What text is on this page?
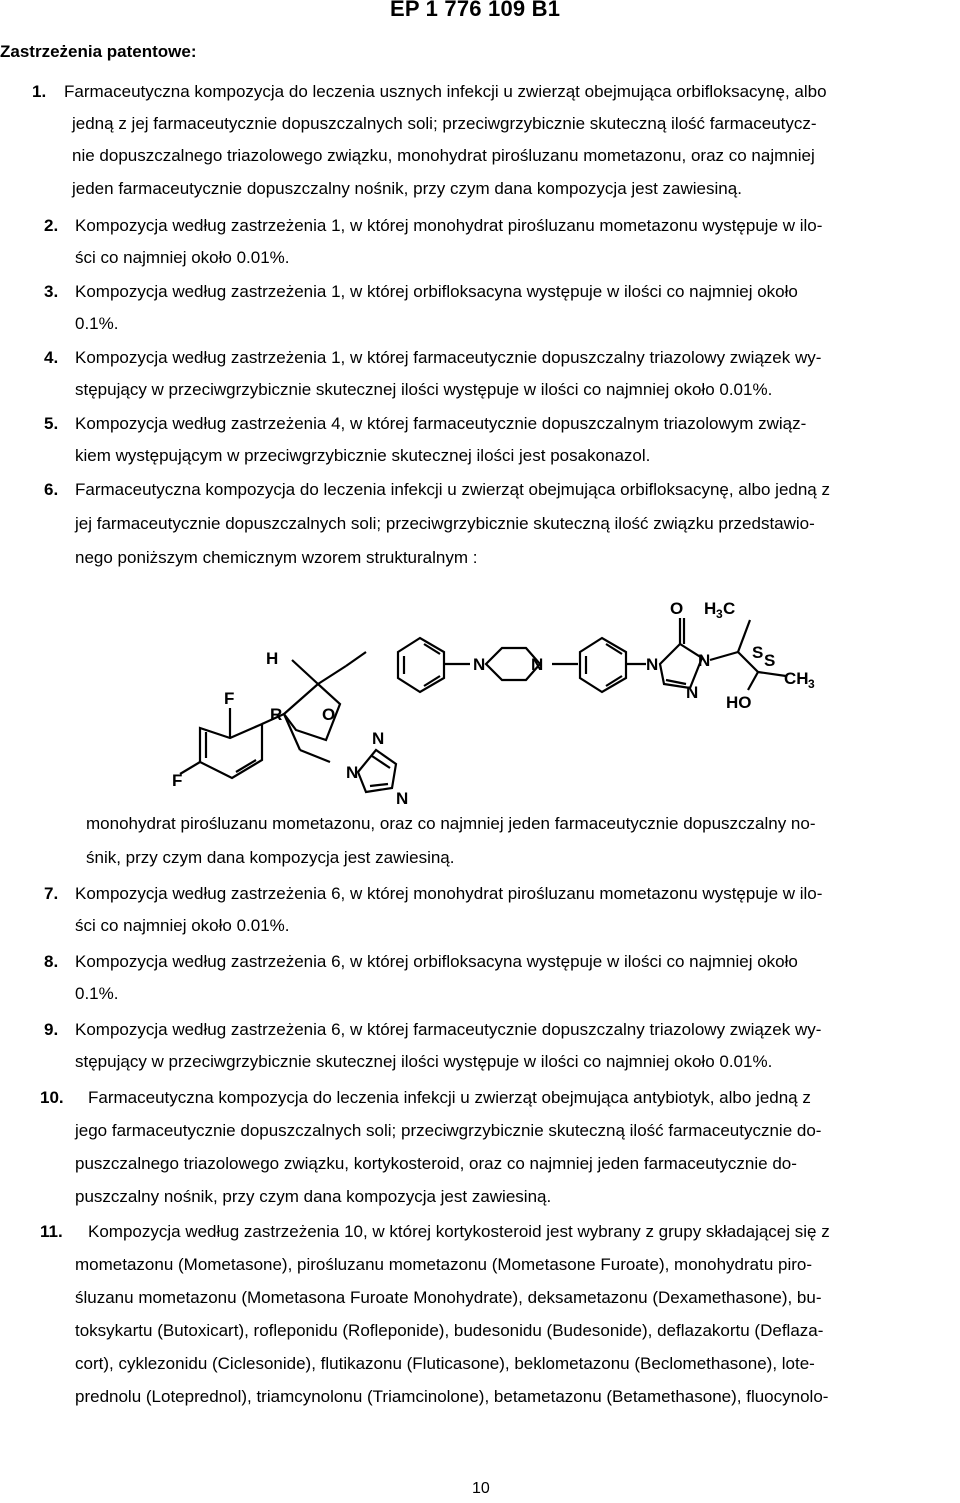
EP 1 776 109 B1
Zastrzeżenia patentowe:
1. Farmaceutyczna kompozycja do leczenia usznych infekcji u zwierząt obejmująca orbifloksacynę, albo
jedną z jej farmaceutycznie dopuszczalnych soli; przeciwgrzybicznie skuteczną ilość farmaceutycz-
nie dopuszczalnego triazolowego związku, monohydrat pirośluzanu mometazonu, oraz co najmniej
jeden farmaceutycznie dopuszczalny nośnik, przy czym dana kompozycja jest zawiesiną.
2. Kompozycja według zastrzeżenia 1, w której monohydrat pirośluzanu mometazonu występuje w ilo-
ści co najmniej około 0.01%.
3. Kompozycja według zastrzeżenia 1, w której orbifloksacyna występuje w ilości co najmniej około
0.1%.
4. Kompozycja według zastrzeżenia 1, w której farmaceutycznie dopuszczalny triazolowy związek wy-
stępujący w przeciwgrzybicznie skutecznej ilości występuje w ilości co najmniej około 0.01%.
5. Kompozycja według zastrzeżenia 4, w której farmaceutycznie dopuszczalnym triazolowym związ-
kiem występującym w przeciwgrzybicznie skutecznej ilości jest posakonazol.
6. Farmaceutyczna kompozycja do leczenia infekcji u zwierząt obejmująca orbifloksacynę, albo jedną z
jej farmaceutycznie dopuszczalnych soli; przeciwgrzybicznie skuteczną ilość związku przedstawio-
nego poniższym chemicznym wzorem strukturalnym :
O H 3 C
N	N	N N
N
S S
CH 3
HO
H
F
F
R O
N
N
N
monohydrat pirośluzanu mometazonu, oraz co najmniej jeden farmaceutycznie dopuszczalny no-
śnik, przy czym dana kompozycja jest zawiesiną.
7. Kompozycja według zastrzeżenia 6, w której monohydrat pirośluzanu mometazonu występuje w ilo-
ści co najmniej około 0.01%.
8. Kompozycja według zastrzeżenia 6, w której orbifloksacyna występuje w ilości co najmniej około
0.1%.
9. Kompozycja według zastrzeżenia 6, w której farmaceutycznie dopuszczalny triazolowy związek wy-
stępujący w przeciwgrzybicznie skutecznej ilości występuje w ilości co najmniej około 0.01%.
10. Farmaceutyczna kompozycja do leczenia infekcji u zwierząt obejmująca antybiotyk, albo jedną z
jego farmaceutycznie dopuszczalnych soli; przeciwgrzybicznie skuteczną ilość farmaceutycznie do-
puszczalnego triazolowego związku, kortykosteroid, oraz co najmniej jeden farmaceutycznie do-
puszczalny nośnik, przy czym dana kompozycja jest zawiesiną.
11. Kompozycja według zastrzeżenia 10, w której kortykosteroid jest wybrany z grupy składającej się z
mometazonu (Mometasone), pirośluzanu mometazonu (Mometasone Furoate), monohydratu piro-
śluzanu mometazonu (Mometasona Furoate Monohydrate), deksametazonu (Dexamethasone), bu-
toksykartu (Butoxicart), rofleponidu (Rofleponide), budesonidu (Budesonide), deflazakortu (Deflaza-
cort), cyklezonidu (Ciclesonide), flutikazonu (Fluticasone), beklometazonu (Beclomethasone), lote-
prednolu (Loteprednol), triamcynolonu (Triamcinolone), betametazonu (Betamethasone), fluocynolo-
10
